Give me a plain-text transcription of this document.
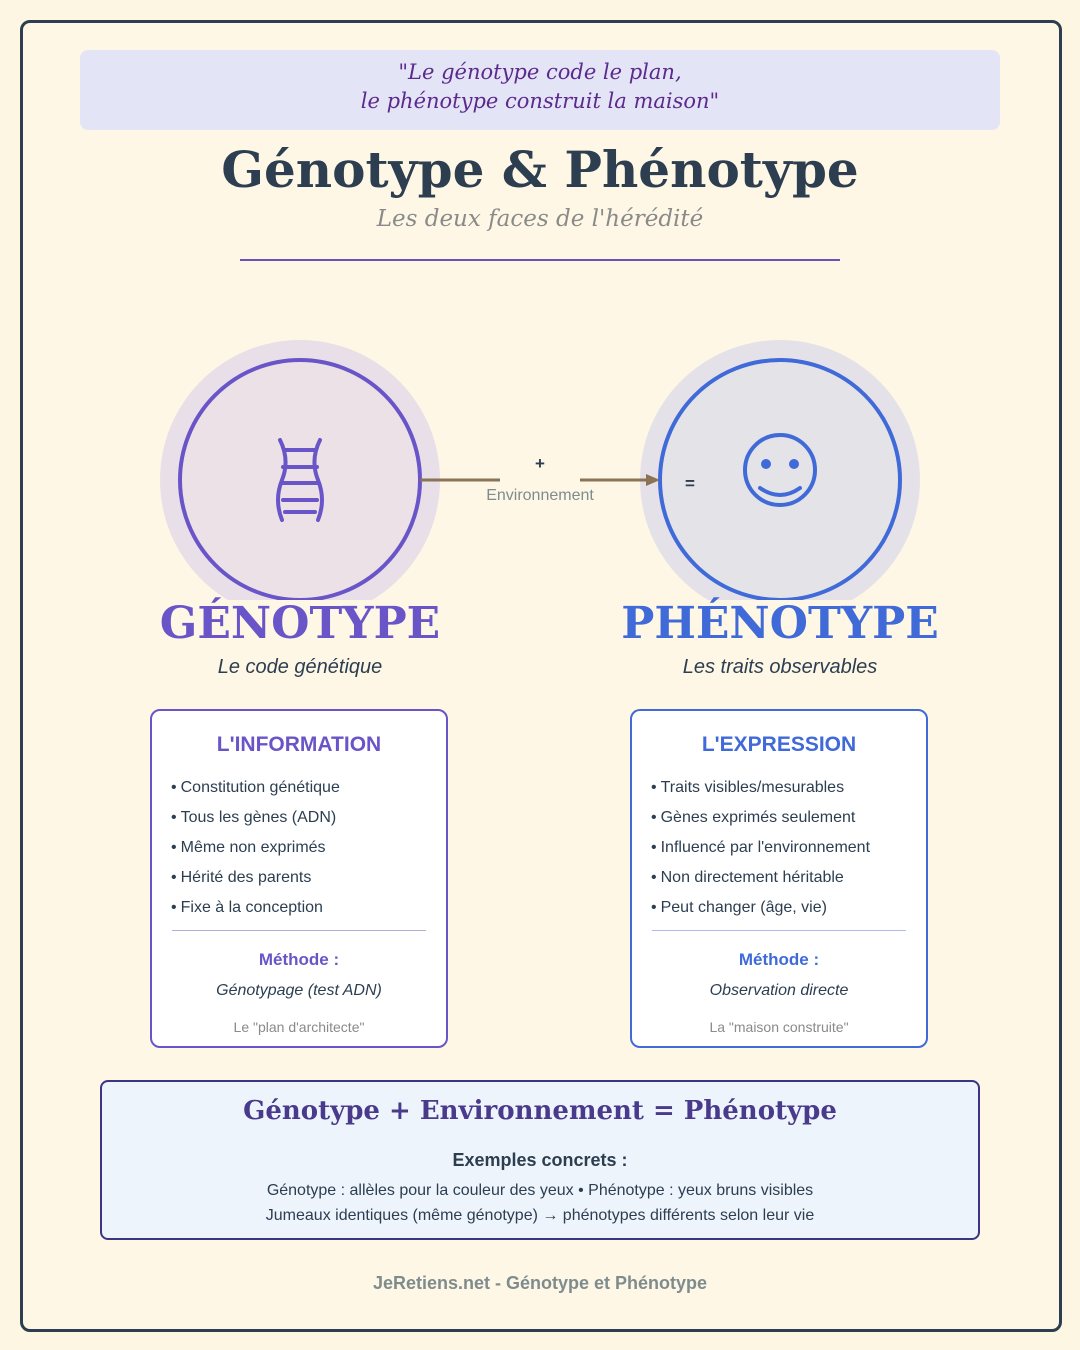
"Le génotype code le plan,
le phénotype construit la maison"
Génotype & Phénotype
Les deux faces de l'hérédité
+
Environnement
=
GÉNOTYPE
Le code génétique
PHÉNOTYPE
Les traits observables
L'INFORMATION
• Constitution génétique
• Tous les gènes (ADN)
• Même non exprimés
• Hérité des parents
• Fixe à la conception
Méthode :
Génotypage (test ADN)
Le "plan d'architecte"
L'EXPRESSION
• Traits visibles/mesurables
• Gènes exprimés seulement
• Influencé par l'environnement
• Non directement héritable
• Peut changer (âge, vie)
Méthode :
Observation directe
La "maison construite"
Génotype + Environnement = Phénotype
Exemples concrets :
Génotype : allèles pour la couleur des yeux • Phénotype : yeux bruns visibles
Jumeaux identiques (même génotype) → phénotypes différents selon leur vie
JeRetiens.net - Génotype et Phénotype
